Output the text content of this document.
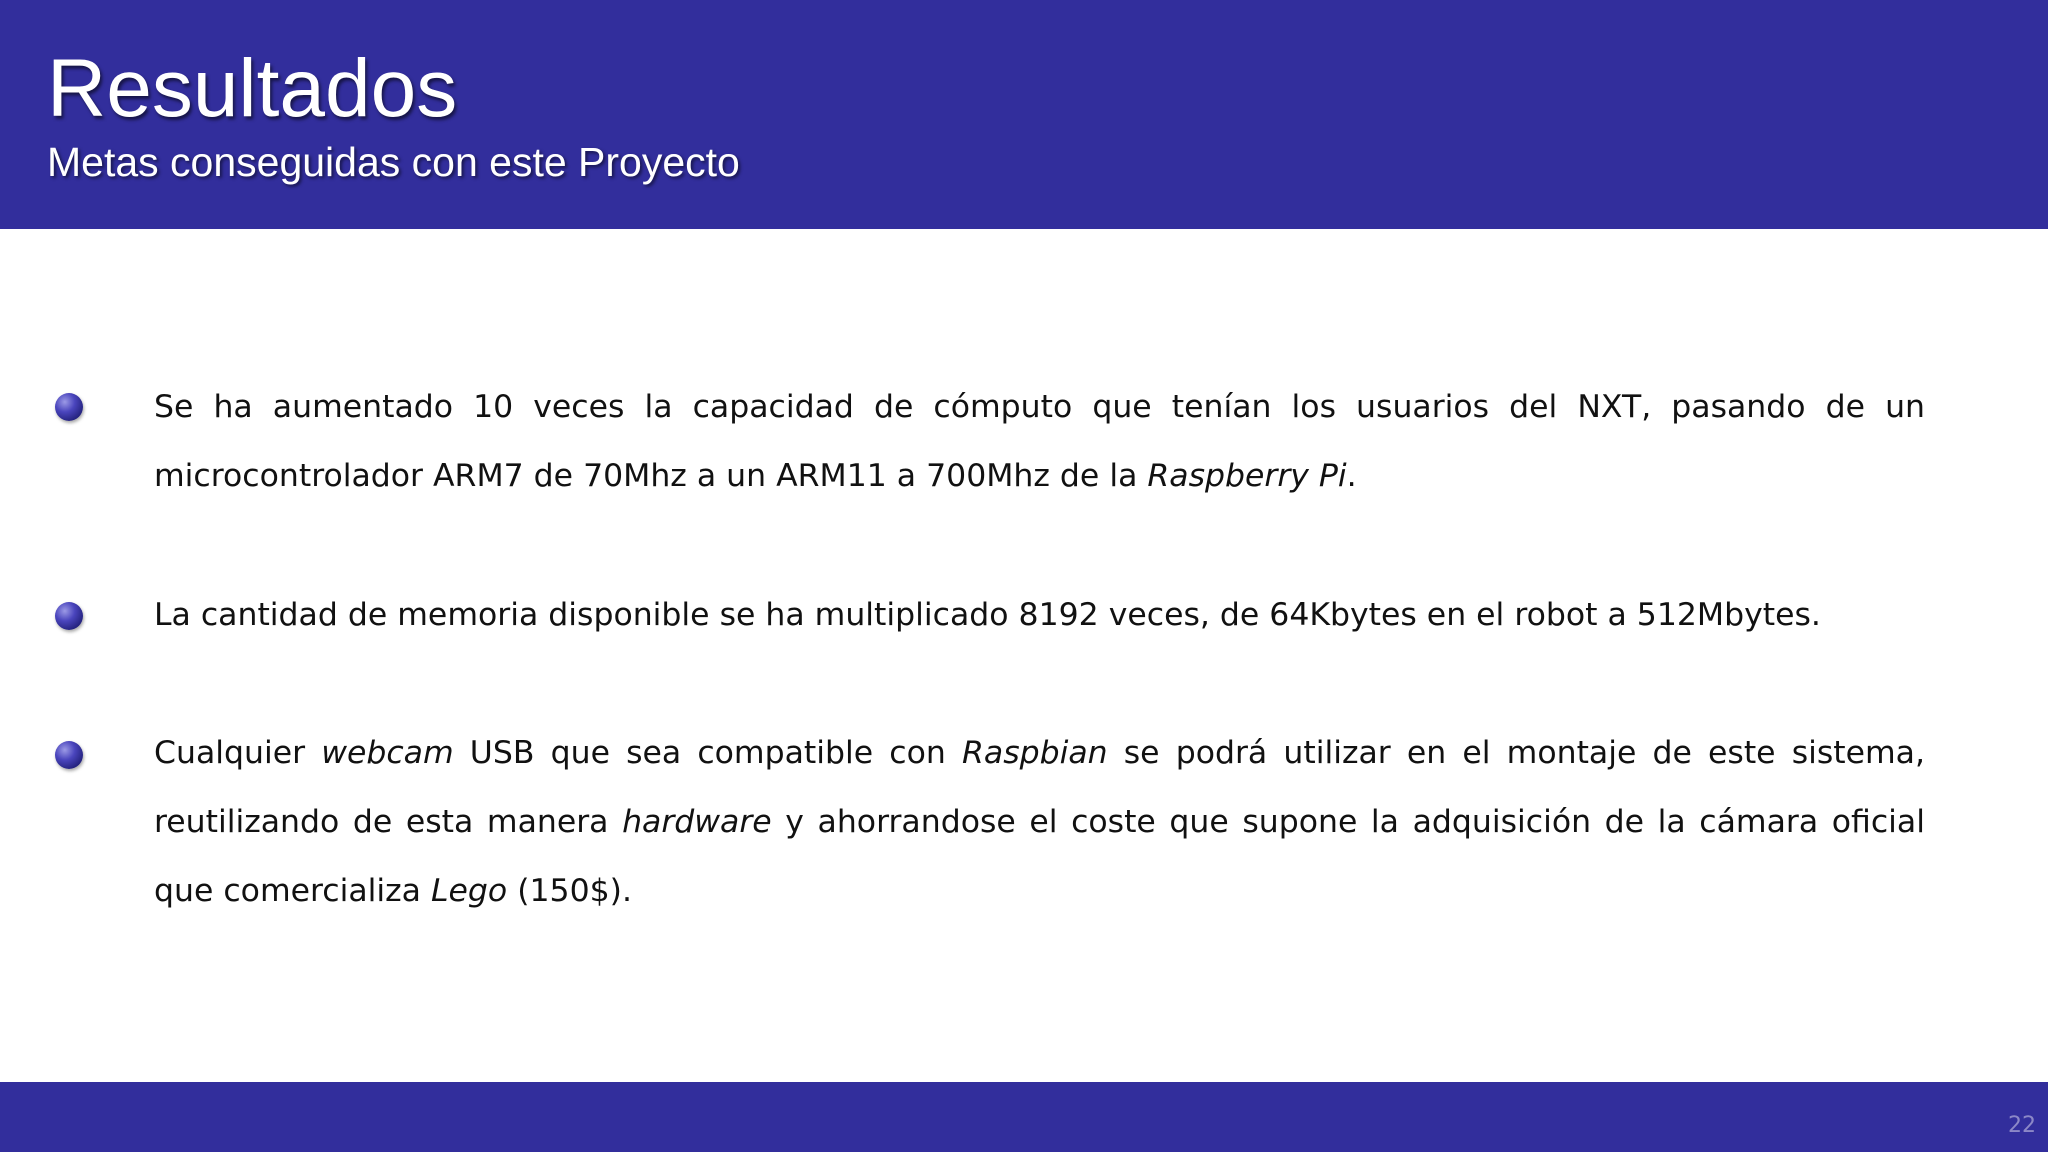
Resultados
Metas conseguidas con este Proyecto

Se ha aumentado 10 veces la capacidad de cómputo que tenían los usuarios del NXT, pasando de un microcontrolador ARM7 de 70Mhz a un ARM11 a 700Mhz de la Raspberry Pi.

La cantidad de memoria disponible se ha multiplicado 8192 veces, de 64Kbytes en el robot a 512Mbytes.

Cualquier webcam USB que sea compatible con Raspbian se podrá utilizar en el montaje de este sistema, reutilizando de esta manera hardware y ahorrandose el coste que supone la adquisición de la cámara oficial que comercializa Lego (150$).

22
